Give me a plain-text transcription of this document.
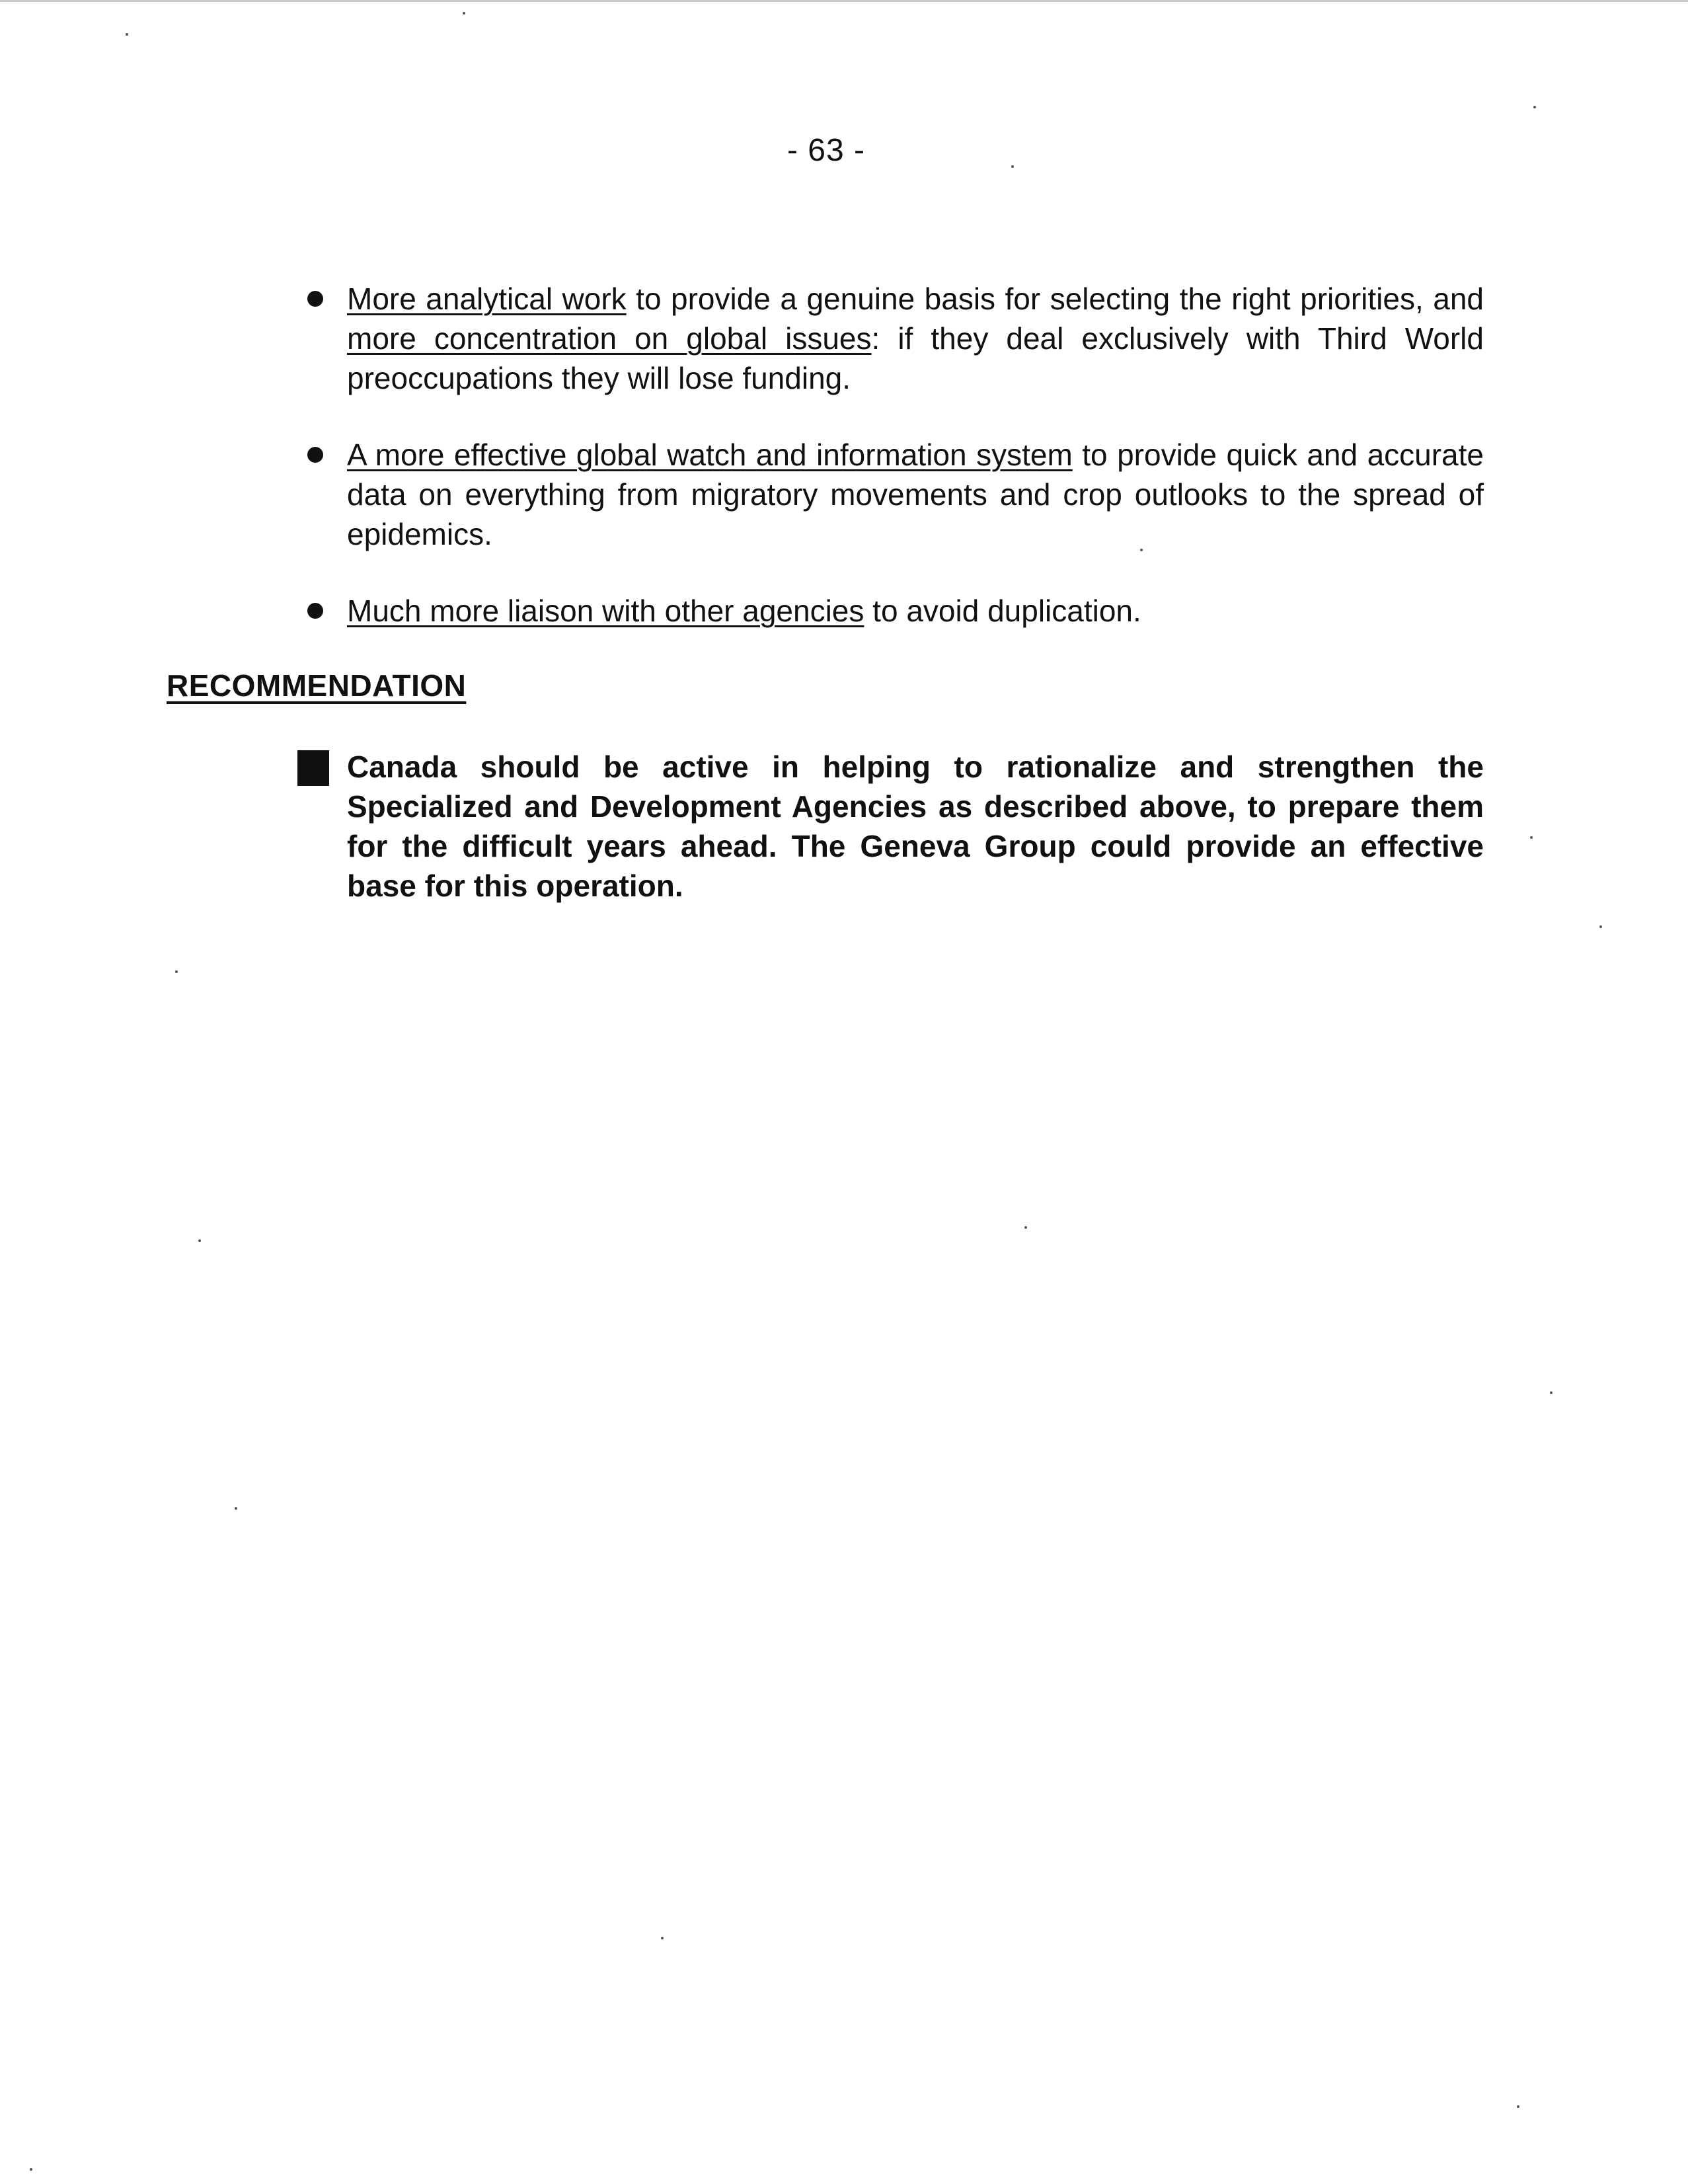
- 63 -
More analytical work to provide a genuine basis for selecting the right priorities, and more concentration on global issues: if they deal exclusively with Third World preoccupations they will lose funding.
A more effective global watch and information system to provide quick and accurate data on everything from migratory movements and crop outlooks to the spread of epidemics.
Much more liaison with other agencies to avoid duplication.
RECOMMENDATION
Canada should be active in helping to rationalize and strengthen the Specialized and Development Agencies as described above, to prepare them for the difficult years ahead. The Geneva Group could provide an effective base for this operation.
